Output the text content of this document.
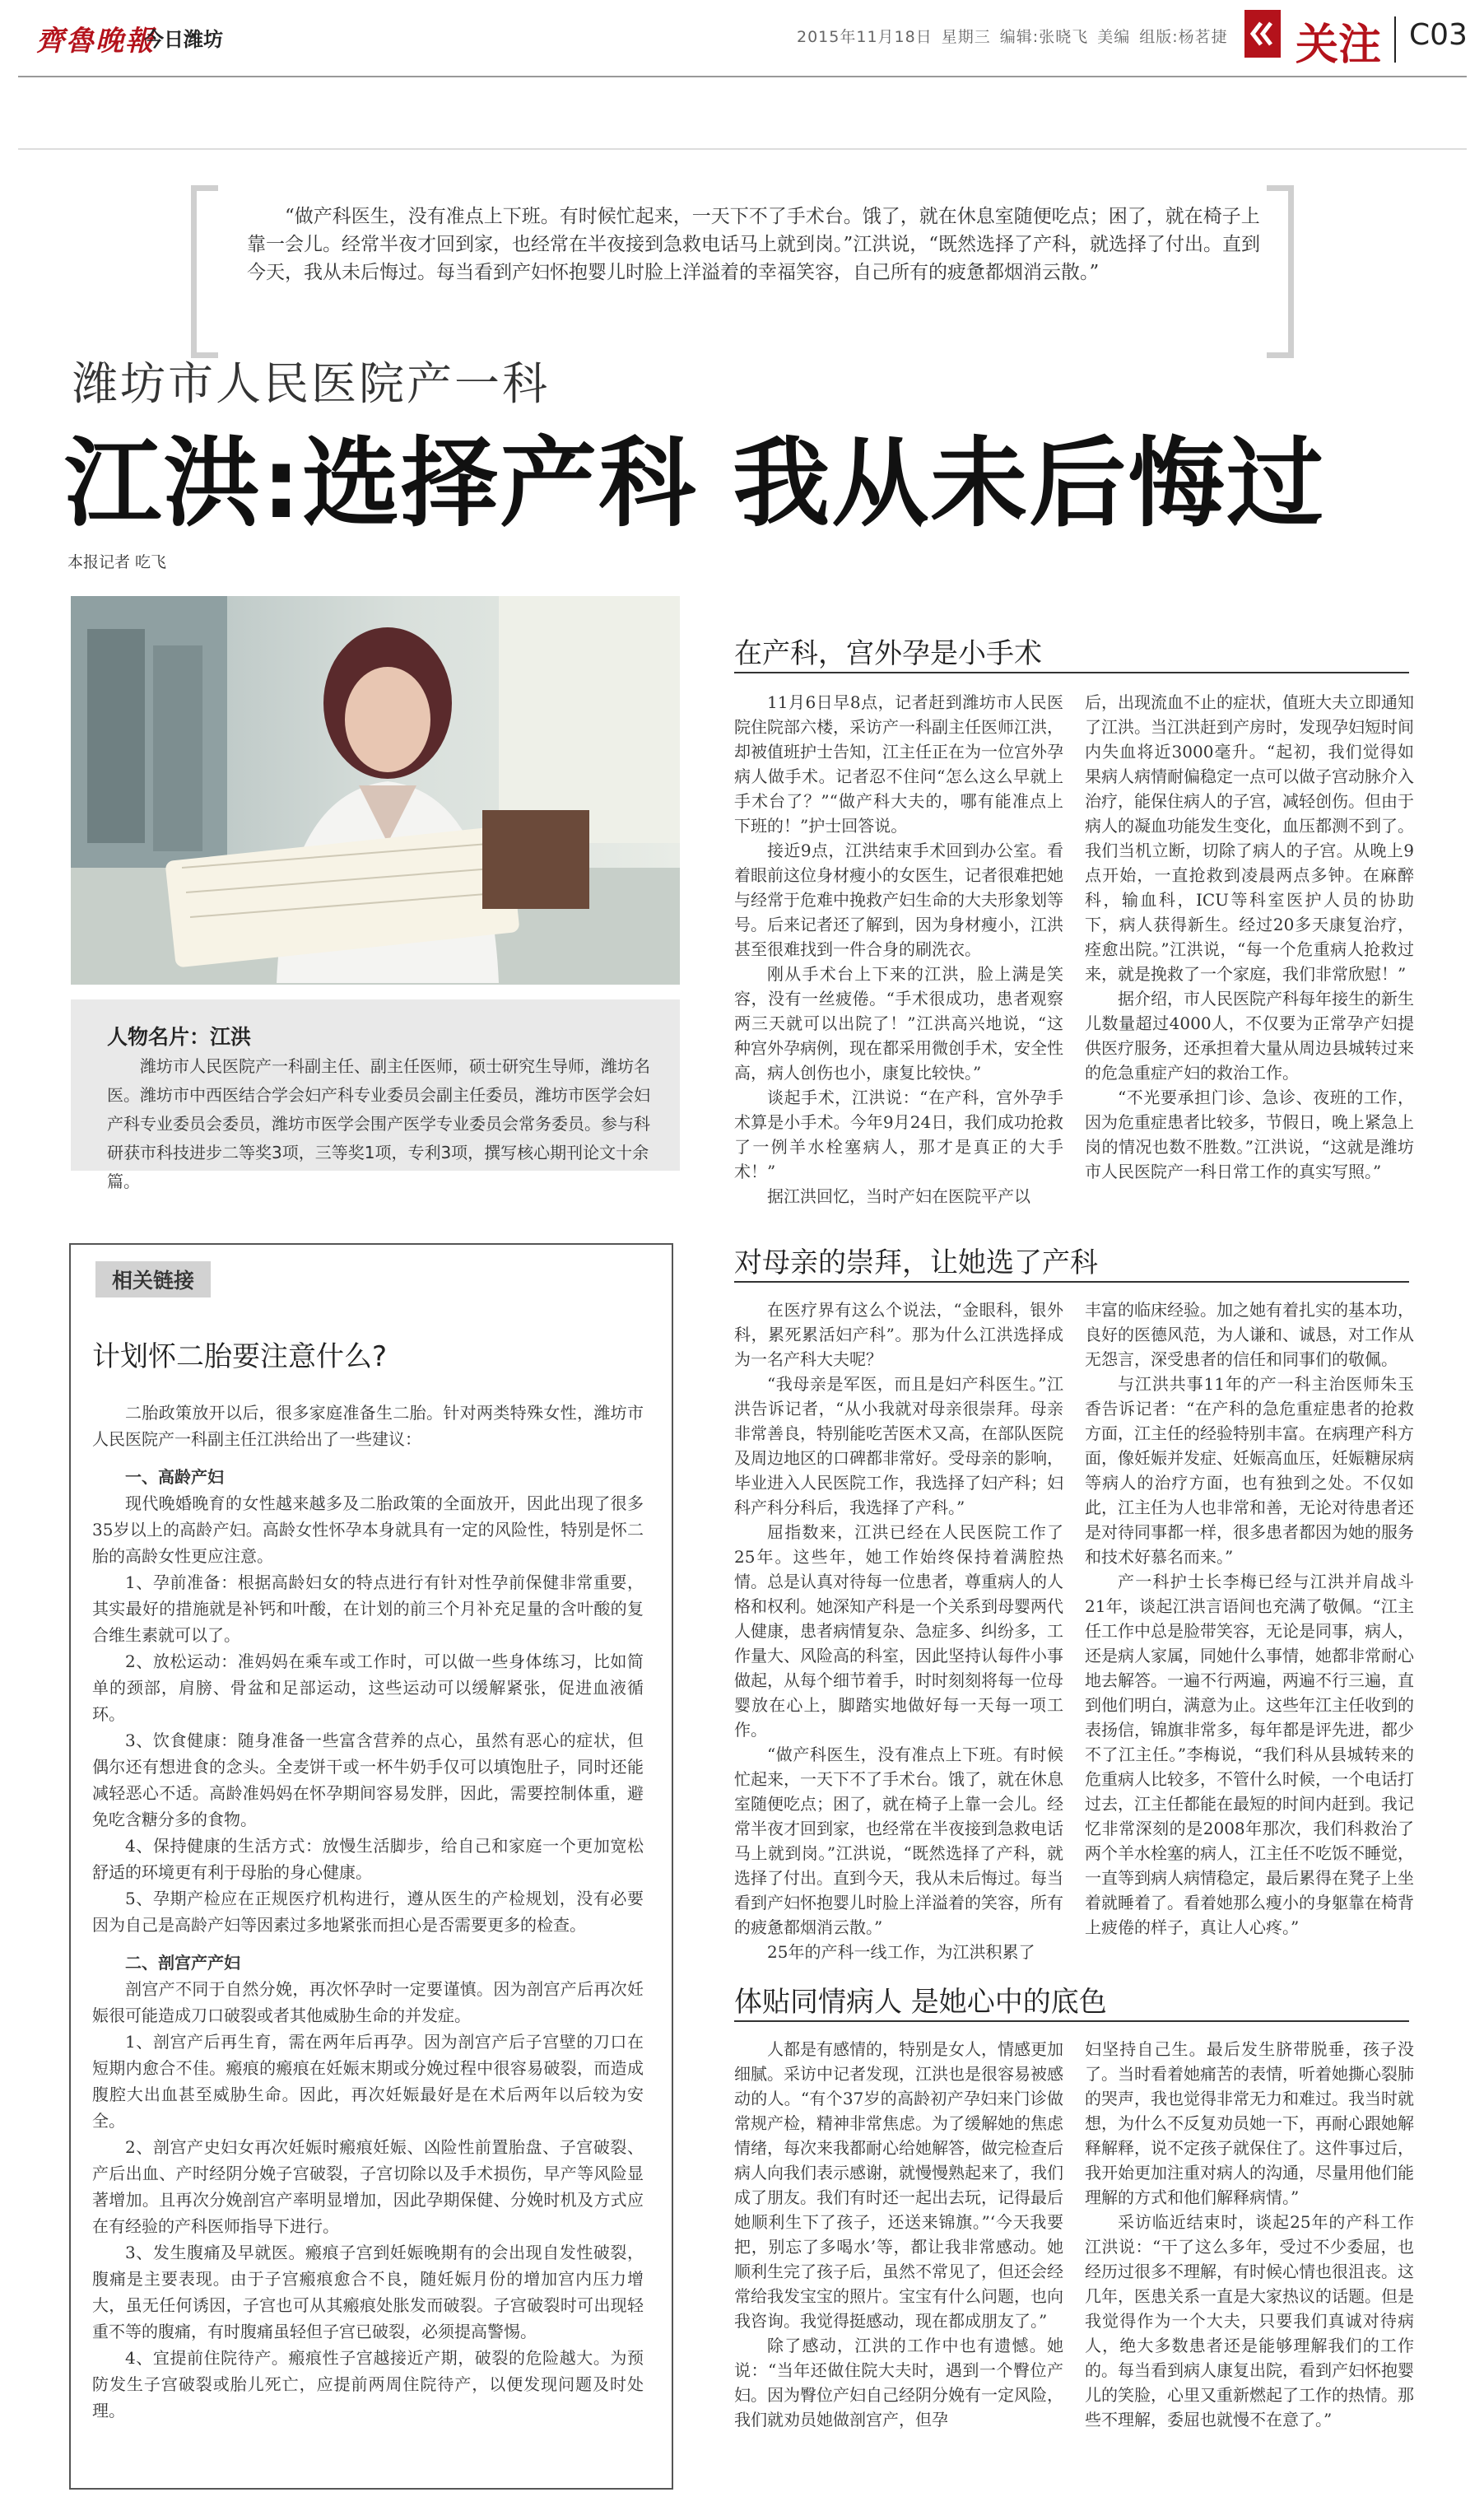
齊魯晚報
今日潍坊	2015年11月18日 星期三 编辑:张晓飞 美编 组版:杨茗捷 关注 C03
“做产科医生，没有准点上下班。有时候忙起来，一天下不了手术台。饿了，就在休息室随便吃点；困了，就在椅子上靠一会儿。经常半夜才回到家，也经常在半夜接到急救电话马上就到岗。”江洪说，“既然选择了产科，就选择了付出。直到今天，我从未后悔过。每当看到产妇怀抱婴儿时脸上洋溢着的幸福笑容，自己所有的疲惫都烟消云散。”
潍坊市人民医院产一科
江洪:选择产科 我从未后悔过
本报记者 吃飞
人物名片：江洪
潍坊市人民医院产一科副主任、副主任医师，硕士研究生导师，潍坊名医。潍坊市中西医结合学会妇产科专业委员会副主任委员，潍坊市医学会妇产科专业委员会委员，潍坊市医学会围产医学专业委员会常务委员。参与科研获市科技进步二等奖3项，三等奖1项，专利3项，撰写核心期刊论文十余篇。
相关链接
计划怀二胎要注意什么?

二胎政策放开以后，很多家庭准备生二胎。针对两类特殊女性，潍坊市人民医院产一科副主任江洪给出了一些建议：

一、高龄产妇

现代晚婚晚育的女性越来越多及二胎政策的全面放开，因此出现了很多35岁以上的高龄产妇。高龄女性怀孕本身就具有一定的风险性，特别是怀二胎的高龄女性更应注意。

1、孕前准备：根据高龄妇女的特点进行有针对性孕前保健非常重要，其实最好的措施就是补钙和叶酸，在计划的前三个月补充足量的含叶酸的复合维生素就可以了。

2、放松运动：准妈妈在乘车或工作时，可以做一些身体练习，比如简单的颈部，肩膀、骨盆和足部运动，这些运动可以缓解紧张，促进血液循环。

3、饮食健康：随身准备一些富含营养的点心，虽然有恶心的症状，但偶尔还有想进食的念头。全麦饼干或一杯牛奶手仅可以填饱肚子，同时还能减轻恶心不适。高龄准妈妈在怀孕期间容易发胖，因此，需要控制体重，避免吃含糖分多的食物。

4、保持健康的生活方式：放慢生活脚步，给自己和家庭一个更加宽松舒适的环境更有利于母胎的身心健康。

5、孕期产检应在正规医疗机构进行，遵从医生的产检规划，没有必要因为自己是高龄产妇等因素过多地紧张而担心是否需要更多的检查。

二、剖宫产产妇

剖宫产不同于自然分娩，再次怀孕时一定要谨慎。因为剖宫产后再次妊娠很可能造成刀口破裂或者其他威胁生命的并发症。

1、剖宫产后再生育，需在两年后再孕。因为剖宫产后子宫壁的刀口在短期内愈合不佳。瘢痕的瘢痕在妊娠末期或分娩过程中很容易破裂，而造成腹腔大出血甚至威胁生命。因此，再次妊娠最好是在术后两年以后较为安全。

2、剖宫产史妇女再次妊娠时瘢痕妊娠、凶险性前置胎盘、子宫破裂、产后出血、产时经阴分娩子宫破裂，子宫切除以及手术损伤，早产等风险显著增加。且再次分娩剖宫产率明显增加，因此孕期保健、分娩时机及方式应在有经验的产科医师指导下进行。

3、发生腹痛及早就医。瘢痕子宫到妊娠晚期有的会出现自发性破裂，腹痛是主要表现。由于子宫瘢痕愈合不良，随妊娠月份的增加宫内压力增大，虽无任何诱因，子宫也可从其瘢痕处胀发而破裂。子宫破裂时可出现轻重不等的腹痛，有时腹痛虽轻但子宫已破裂，必须提高警惕。

4、宜提前住院待产。瘢痕性子宫越接近产期，破裂的危险越大。为预防发生子宫破裂或胎儿死亡，应提前两周住院待产，以便发现问题及时处理。

在产科，宫外孕是小手术

11月6日早8点，记者赶到潍坊市人民医院住院部六楼，采访产一科副主任医师江洪，却被值班护士告知，江主任正在为一位宫外孕病人做手术。记者忍不住问“怎么这么早就上手术台了？”“做产科大夫的，哪有能准点上下班的！”护士回答说。

接近9点，江洪结束手术回到办公室。看着眼前这位身材瘦小的女医生，记者很难把她与经常于危难中挽救产妇生命的大夫形象划等号。后来记者还了解到，因为身材瘦小，江洪甚至很难找到一件合身的刷洗衣。

刚从手术台上下来的江洪，脸上满是笑容，没有一丝疲倦。“手术很成功，患者观察两三天就可以出院了！”江洪高兴地说，“这种宫外孕病例，现在都采用微创手术，安全性高，病人创伤也小，康复比较快。”

谈起手术，江洪说：“在产科，宫外孕手术算是小手术。今年9月24日，我们成功抢救了一例羊水栓塞病人，那才是真正的大手术！”

据江洪回忆，当时产妇在医院平产以

后，出现流血不止的症状，值班大夫立即通知了江洪。当江洪赶到产房时，发现孕妇短时间内失血将近3000毫升。“起初，我们觉得如果病人病情耐偏稳定一点可以做子宫动脉介入治疗，能保住病人的子宫，减轻创伤。但由于病人的凝血功能发生变化，血压都测不到了。我们当机立断，切除了病人的子宫。从晚上9点开始，一直抢救到凌晨两点多钟。在麻醉科，输血科，ICU等科室医护人员的协助下，病人获得新生。经过20多天康复治疗，痊愈出院。”江洪说，“每一个危重病人抢救过来，就是挽救了一个家庭，我们非常欣慰！”

据介绍，市人民医院产科每年接生的新生儿数量超过4000人，不仅要为正常孕产妇提供医疗服务，还承担着大量从周边县城转过来的危急重症产妇的救治工作。

“不光要承担门诊、急诊、夜班的工作，因为危重症患者比较多，节假日，晚上紧急上岗的情况也数不胜数。”江洪说，“这就是潍坊市人民医院产一科日常工作的真实写照。”

对母亲的崇拜，让她选了产科

在医疗界有这么个说法，“金眼科，银外科，累死累活妇产科”。那为什么江洪选择成为一名产科大夫呢？

“我母亲是军医，而且是妇产科医生。”江洪告诉记者，“从小我就对母亲很崇拜。母亲非常善良，特别能吃苦医术又高，在部队医院及周边地区的口碑都非常好。受母亲的影响，毕业进入人民医院工作，我选择了妇产科；妇科产科分科后，我选择了产科。”

屈指数来，江洪已经在人民医院工作了25年。这些年，她工作始终保持着满腔热情。总是认真对待每一位患者，尊重病人的人格和权利。她深知产科是一个关系到母婴两代人健康，患者病情复杂、急症多、纠纷多，工作量大、风险高的科室，因此坚持认每件小事做起，从每个细节着手，时时刻刻将每一位母婴放在心上，脚踏实地做好每一天每一项工作。

“做产科医生，没有准点上下班。有时候忙起来，一天下不了手术台。饿了，就在休息室随便吃点；困了，就在椅子上靠一会儿。经常半夜才回到家，也经常在半夜接到急救电话马上就到岗。”江洪说，“既然选择了产科，就选择了付出。直到今天，我从未后悔过。每当看到产妇怀抱婴儿时脸上洋溢着的笑容，所有的疲惫都烟消云散。”

25年的产科一线工作，为江洪积累了

丰富的临床经验。加之她有着扎实的基本功，良好的医德风范，为人谦和、诚恳，对工作从无怨言，深受患者的信任和同事们的敬佩。

与江洪共事11年的产一科主治医师朱玉香告诉记者：“在产科的急危重症患者的抢救方面，江主任的经验特别丰富。在病理产科方面，像妊娠并发症、妊娠高血压，妊娠糖尿病等病人的治疗方面，也有独到之处。不仅如此，江主任为人也非常和善，无论对待患者还是对待同事都一样，很多患者都因为她的服务和技术好慕名而来。”

产一科护士长李梅已经与江洪并肩战斗21年，谈起江洪言语间也充满了敬佩。“江主任工作中总是脸带笑容，无论是同事，病人，还是病人家属，同她什么事情，她都非常耐心地去解答。一遍不行两遍，两遍不行三遍，直到他们明白，满意为止。这些年江主任收到的表扬信，锦旗非常多，每年都是评先进，都少不了江主任。”李梅说，“我们科从县城转来的危重病人比较多，不管什么时候，一个电话打过去，江主任都能在最短的时间内赶到。我记忆非常深刻的是2008年那次，我们科救治了两个羊水栓塞的病人，江主任不吃饭不睡觉，一直等到病人病情稳定，最后累得在凳子上坐着就睡着了。看着她那么瘦小的身躯靠在椅背上疲倦的样子，真让人心疼。”

体贴同情病人 是她心中的底色

人都是有感情的，特别是女人，情感更加细腻。采访中记者发现，江洪也是很容易被感动的人。“有个37岁的高龄初产孕妇来门诊做常规产检，精神非常焦虑。为了缓解她的焦虑情绪，每次来我都耐心给她解答，做完检查后病人向我们表示感谢，就慢慢熟起来了，我们成了朋友。我们有时还一起出去玩，记得最后她顺利生下了孩子，还送来锦旗。”‘今天我要把，别忘了多喝水’等，都让我非常感动。她顺利生完了孩子后，虽然不常见了，但还会经常给我发宝宝的照片。宝宝有什么问题，也向我咨询。我觉得挺感动，现在都成朋友了。”

除了感动，江洪的工作中也有遗憾。她说：“当年还做住院大夫时，遇到一个臀位产妇。因为臀位产妇自己经阴分娩有一定风险，我们就劝员她做剖宫产，但孕

妇坚持自己生。最后发生脐带脱垂，孩子没了。当时看着她痛苦的表情，听着她撕心裂肺的哭声，我也觉得非常无力和难过。我当时就想，为什么不反复劝员她一下，再耐心跟她解释解释，说不定孩子就保住了。这件事过后，我开始更加注重对病人的沟通，尽量用他们能理解的方式和他们解释病情。”

采访临近结束时，谈起25年的产科工作江洪说：“干了这么多年，受过不少委屈，也经历过很多不理解，有时候心情也很沮丧。这几年，医患关系一直是大家热议的话题。但是我觉得作为一个大夫，只要我们真诚对待病人，绝大多数患者还是能够理解我们的工作的。每当看到病人康复出院，看到产妇怀抱婴儿的笑脸，心里又重新燃起了工作的热情。那些不理解，委屈也就慢不在意了。”
